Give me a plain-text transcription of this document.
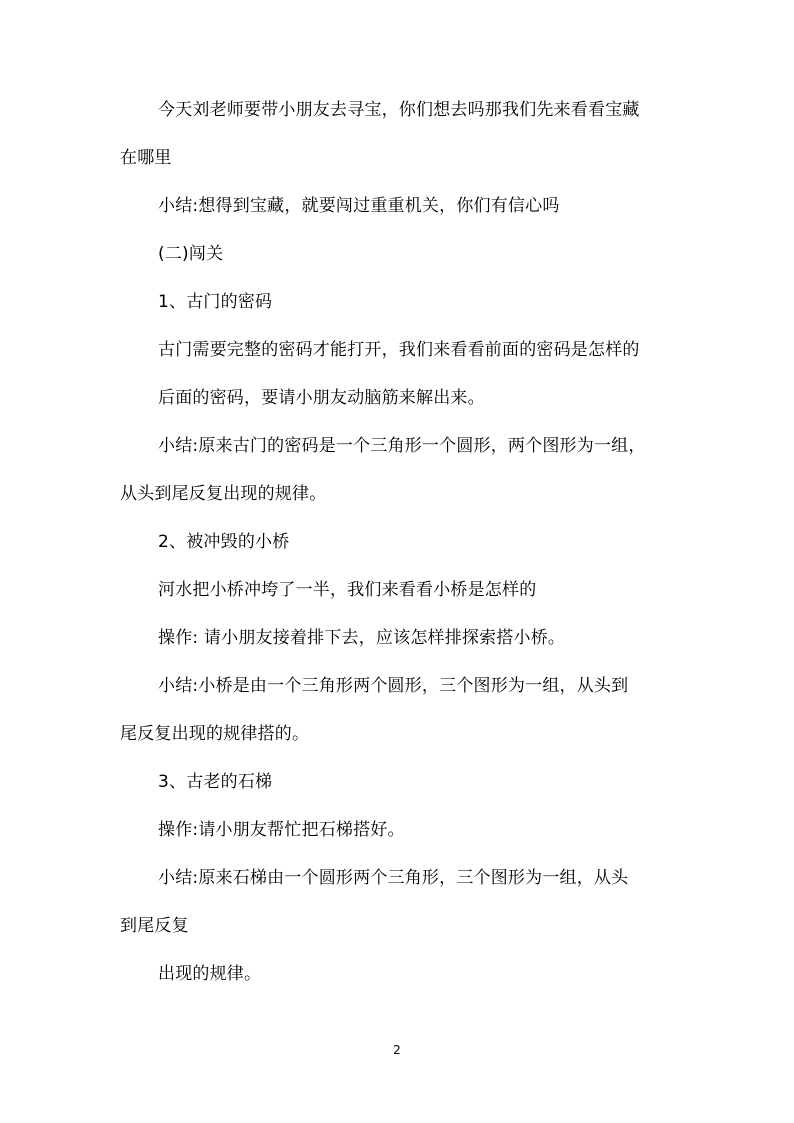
今天刘老师要带小朋友去寻宝，你们想去吗那我们先来看看宝藏
在哪里
小结:想得到宝藏，就要闯过重重机关，你们有信心吗
(二)闯关
1、古门的密码
古门需要完整的密码才能打开，我们来看看前面的密码是怎样的
后面的密码，要请小朋友动脑筋来解出来。
小结:原来古门的密码是一个三角形一个圆形，两个图形为一组，
从头到尾反复出现的规律。
2、被冲毁的小桥
河水把小桥冲垮了一半，我们来看看小桥是怎样的
操作: 请小朋友接着排下去，应该怎样排探索搭小桥。
小结:小桥是由一个三角形两个圆形，三个图形为一组，从头到
尾反复出现的规律搭的。
3、古老的石梯
操作:请小朋友帮忙把石梯搭好。
小结:原来石梯由一个圆形两个三角形，三个图形为一组，从头
到尾反复
出现的规律。
2
